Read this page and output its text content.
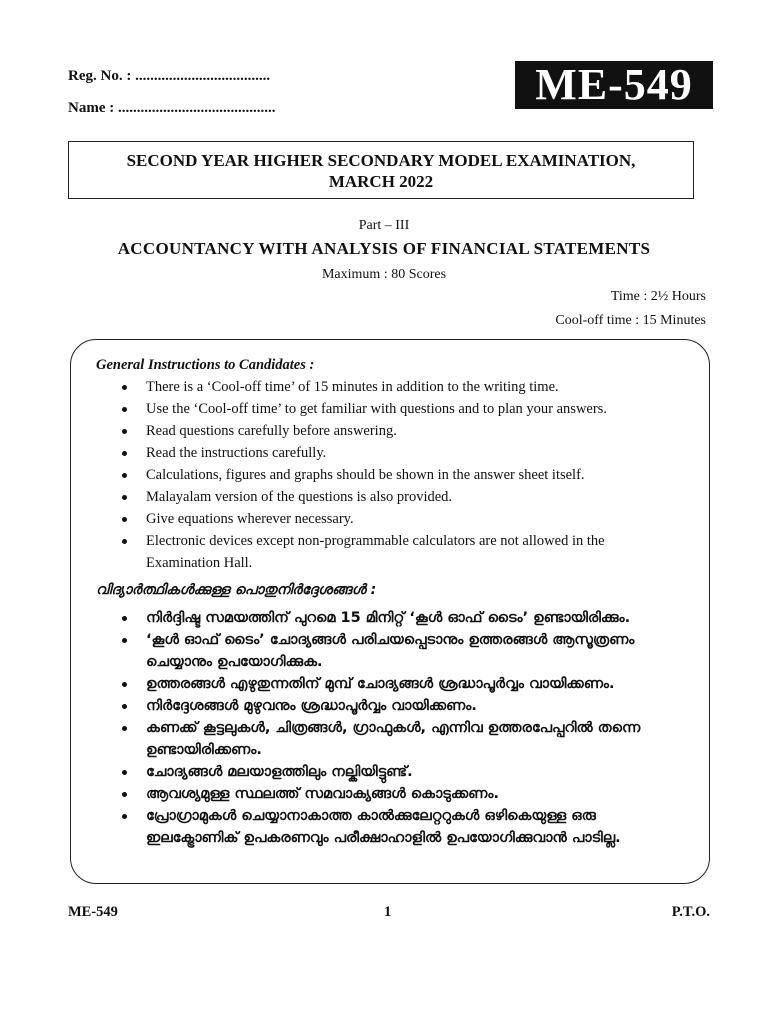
Reg. No. : ....................................
Name : ..........................................	ME-549
SECOND YEAR HIGHER SECONDARY MODEL EXAMINATION,
MARCH 2022
Part – III
ACCOUNTANCY WITH ANALYSIS OF FINANCIAL STATEMENTS
Maximum : 80 Scores
Time : 2½ Hours
Cool-off time : 15 Minutes
General Instructions to Candidates :
There is a ‘Cool-off time’ of 15 minutes in addition to the writing time.
Use the ‘Cool-off time’ to get familiar with questions and to plan your answers.
Read questions carefully before answering.
Read the instructions carefully.
Calculations, figures and graphs should be shown in the answer sheet itself.
Malayalam version of the questions is also provided.
Give equations wherever necessary.
Electronic devices except non-programmable calculators are not allowed in the Examination Hall.
വിദ്യാർത്ഥികൾക്കുള്ള പൊതുനിർദ്ദേശങ്ങൾ :
നിർദ്ദിഷ്ട സമയത്തിന് പുറമെ 15 മിനിറ്റ് ‘കൂൾ ഓഫ് ടൈം’ ഉണ്ടായിരിക്കും.
‘കൂൾ ഓഫ് ടൈം’ ചോദ്യങ്ങൾ പരിചയപ്പെടാനും ഉത്തരങ്ങൾ ആസൂത്രണം ചെയ്യാനും ഉപയോഗിക്കുക.
ഉത്തരങ്ങൾ എഴുതുന്നതിന് മുമ്പ് ചോദ്യങ്ങൾ ശ്രദ്ധാപൂർവ്വം വായിക്കണം.
നിർദ്ദേശങ്ങൾ മുഴുവനും ശ്രദ്ധാപൂർവ്വം വായിക്കണം.
കണക്ക് കൂട്ടലുകൾ, ചിത്രങ്ങൾ, ഗ്രാഫുകൾ, എന്നിവ ഉത്തരപേപ്പറിൽ തന്നെ ഉണ്ടായിരിക്കണം.
ചോദ്യങ്ങൾ മലയാളത്തിലും നല്കിയിട്ടുണ്ട്.
ആവശ്യമുള്ള സ്ഥലത്ത് സമവാക്യങ്ങൾ കൊടുക്കണം.
പ്രോഗ്രാമുകൾ ചെയ്യാനാകാത്ത കാൽക്കുലേറ്ററുകൾ ഒഴികെയുള്ള ഒരു ഇലക്ട്രോണിക് ഉപകരണവും പരീക്ഷാഹാളിൽ ഉപയോഗിക്കുവാൻ പാടില്ല.
ME-549	1	P.T.O.
